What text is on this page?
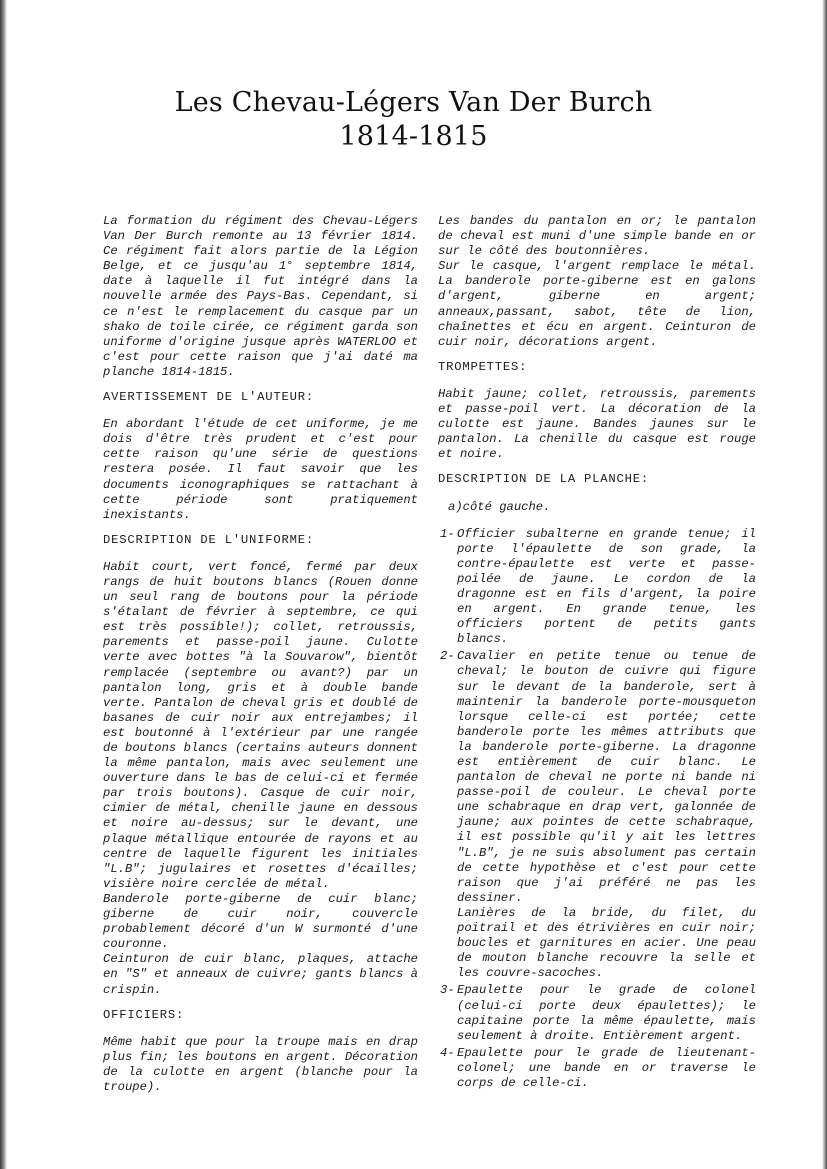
Les Chevau-Légers Van Der Burch
1814-1815

La formation du régiment des Chevau-Légers Van Der Burch remonte au 13 février 1814. Ce régiment fait alors partie de la Légion Belge, et ce jusqu'au 1° septembre 1814, date à laquelle il fut intégré dans la nouvelle armée des Pays-Bas. Cependant, si ce n'est le remplacement du casque par un shako de toile cirée, ce régiment garda son uniforme d'origine jusque après WATERLOO et c'est pour cette raison que j'ai daté ma planche 1814-1815.

AVERTISSEMENT DE L'AUTEUR:

En abordant l'étude de cet uniforme, je me dois d'être très prudent et c'est pour cette raison qu'une série de questions restera posée. Il faut savoir que les documents iconographiques se rattachant à cette période sont pratiquement inexistants.

DESCRIPTION DE L'UNIFORME:

Habit court, vert foncé, fermé par deux rangs de huit boutons blancs (Rouen donne un seul rang de boutons pour la période s'étalant de février à septembre, ce qui est très possible!); collet, retroussis, parements et passe-poil jaune. Culotte verte avec bottes "à la Souvarow", bientôt remplacée (septembre ou avant?) par un pantalon long, gris et à double bande verte. Pantalon de cheval gris et doublé de basanes de cuir noir aux entrejambes; il est boutonné à l'extérieur par une rangée de boutons blancs (certains auteurs donnent la même pantalon, mais avec seulement une ouverture dans le bas de celui-ci et fermée par trois boutons). Casque de cuir noir, cimier de métal, chenille jaune en dessous et noire au-dessus; sur le devant, une plaque métallique entourée de rayons et au centre de laquelle figurent les initiales "L.B"; jugulaires et rosettes d'écailles; visière noire cerclée de métal.

Banderole porte-giberne de cuir blanc; giberne de cuir noir, couvercle probablement décoré d'un W surmonté d'une couronne.

Ceinturon de cuir blanc, plaques, attache en "S" et anneaux de cuivre; gants blancs à crispin.

OFFICIERS:

Même habit que pour la troupe mais en drap plus fin; les boutons en argent. Décoration de la culotte en argent (blanche pour la troupe).

Les bandes du pantalon en or; le pantalon de cheval est muni d'une simple bande en or sur le côté des boutonnières.

Sur le casque, l'argent remplace le métal. La banderole porte-giberne est en galons d'argent, giberne en argent; anneaux,passant, sabot, tête de lion, chaînettes et écu en argent. Ceinturon de cuir noir, décorations argent.

TROMPETTES:

Habit jaune; collet, retroussis, parements et passe-poil vert. La décoration de la culotte est jaune. Bandes jaunes sur le pantalon. La chenille du casque est rouge et noire.

DESCRIPTION DE LA PLANCHE:
a)côté gauche.
1- Officier subalterne en grande tenue; il porte l'épaulette de son grade, la contre-épaulette est verte et passe-poilée de jaune. Le cordon de la dragonne est en fils d'argent, la poire en argent. En grande tenue, les officiers portent de petits gants blancs.

2- Cavalier en petite tenue ou tenue de cheval; le bouton de cuivre qui figure sur le devant de la banderole, sert à maintenir la banderole porte-mousqueton lorsque celle-ci est portée; cette banderole porte les mêmes attributs que la banderole porte-giberne. La dragonne est entièrement de cuir blanc. Le pantalon de cheval ne porte ni bande ni passe-poil de couleur. Le cheval porte une schabraque en drap vert, galonnée de jaune; aux pointes de cette schabraque, il est possible qu'il y ait les lettres "L.B", je ne suis absolument pas certain de cette hypothèse et c'est pour cette raison que j'ai préféré ne pas les dessiner.

Lanières de la bride, du filet, du poitrail et des étrivières en cuir noir; boucles et garnitures en acier. Une peau de mouton blanche recouvre la selle et les couvre-sacoches.

3- Epaulette pour le grade de colonel (celui-ci porte deux épaulettes); le capitaine porte la même épaulette, mais seulement à droite. Entièrement argent.

4- Epaulette pour le grade de lieutenant-colonel; une bande en or traverse le corps de celle-ci.
